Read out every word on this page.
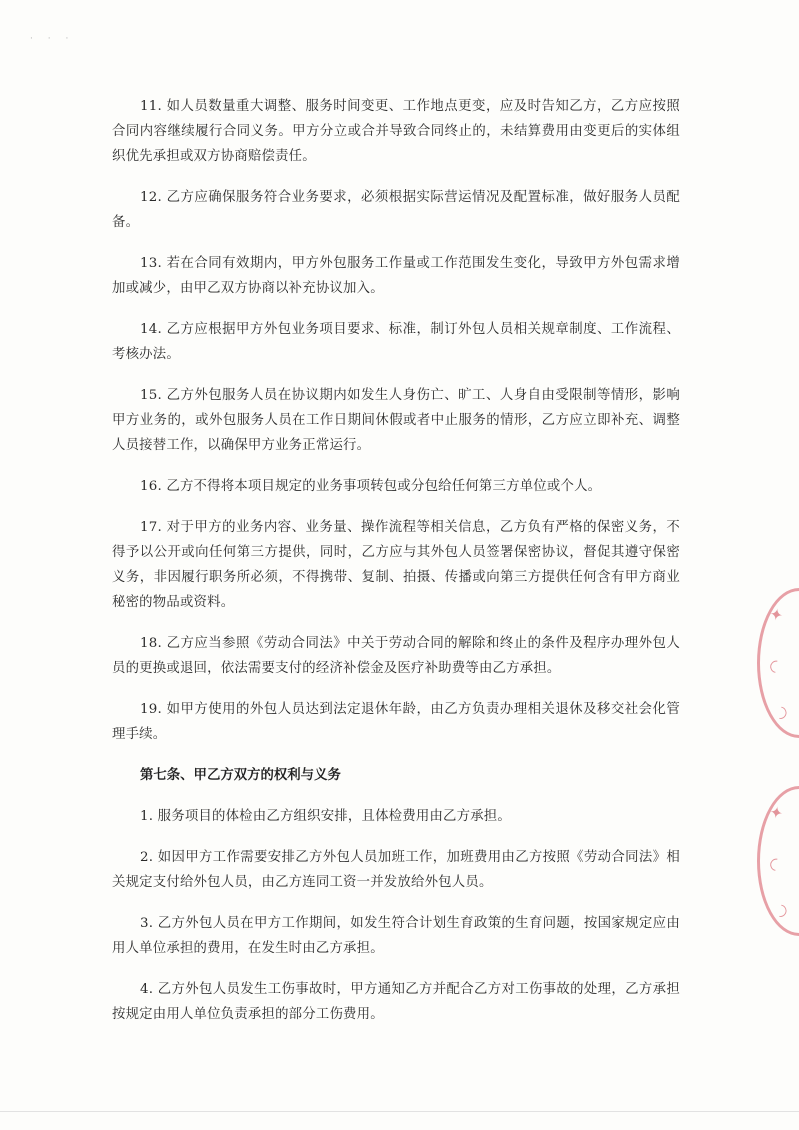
· · ·

11. 如人员数量重大调整、服务时间变更、工作地点更变，应及时告知乙方，乙方应按照合同内容继续履行合同义务。甲方分立或合并导致合同终止的，未结算费用由变更后的实体组织优先承担或双方协商赔偿责任。

12. 乙方应确保服务符合业务要求，必须根据实际营运情况及配置标准，做好服务人员配备。

13. 若在合同有效期内，甲方外包服务工作量或工作范围发生变化，导致甲方外包需求增加或减少，由甲乙双方协商以补充协议加入。

14. 乙方应根据甲方外包业务项目要求、标准，制订外包人员相关规章制度、工作流程、考核办法。

15. 乙方外包服务人员在协议期内如发生人身伤亡、旷工、人身自由受限制等情形，影响甲方业务的，或外包服务人员在工作日期间休假或者中止服务的情形，乙方应立即补充、调整人员接替工作，以确保甲方业务正常运行。

16. 乙方不得将本项目规定的业务事项转包或分包给任何第三方单位或个人。

17. 对于甲方的业务内容、业务量、操作流程等相关信息，乙方负有严格的保密义务，不得予以公开或向任何第三方提供，同时，乙方应与其外包人员签署保密协议，督促其遵守保密义务，非因履行职务所必须，不得携带、复制、拍摄、传播或向第三方提供任何含有甲方商业秘密的物品或资料。

18. 乙方应当参照《劳动合同法》中关于劳动合同的解除和终止的条件及程序办理外包人员的更换或退回，依法需要支付的经济补偿金及医疗补助费等由乙方承担。

19. 如甲方使用的外包人员达到法定退休年龄，由乙方负责办理相关退休及移交社会化管理手续。

第七条、甲乙方双方的权利与义务

1. 服务项目的体检由乙方组织安排，且体检费用由乙方承担。

2. 如因甲方工作需要安排乙方外包人员加班工作，加班费用由乙方按照《劳动合同法》相关规定支付给外包人员，由乙方连同工资一并发放给外包人员。

3. 乙方外包人员在甲方工作期间，如发生符合计划生育政策的生育问题，按国家规定应由用人单位承担的费用，在发生时由乙方承担。

4. 乙方外包人员发生工伤事故时，甲方通知乙方并配合乙方对工伤事故的处理，乙方承担按规定由用人单位负责承担的部分工伤费用。

✦
◠
◡
✦
◠
◡
